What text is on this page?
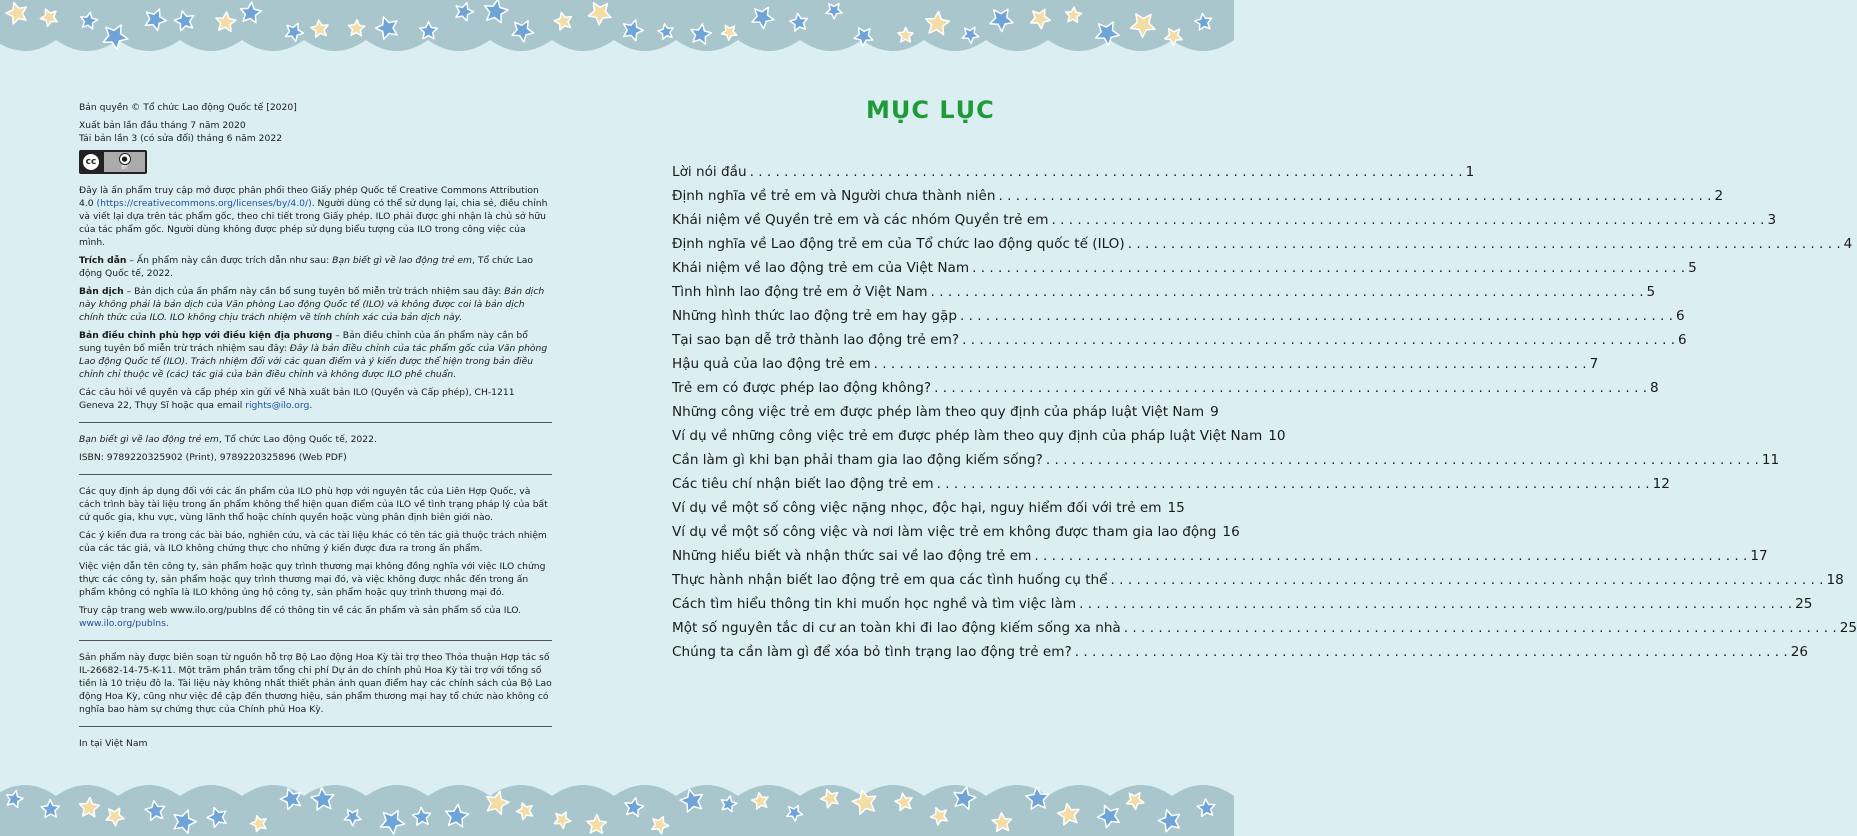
Bản quyền © Tổ chức Lao động Quốc tế [2020]

Xuất bản lần đầu tháng 7 năm 2020

Tái bản lần 3 (có sửa đổi) tháng 6 năm 2022

cc	●
BY

Đây là ấn phẩm truy cập mở được phân phối theo Giấy phép Quốc tế Creative Commons Attribution 4.0 (https://creativecommons.org/licenses/by/4.0/). Người dùng có thể sử dụng lại, chia sẻ, điều chỉnh và viết lại dựa trên tác phẩm gốc, theo chi tiết trong Giấy phép. ILO phải được ghi nhận là chủ sở hữu của tác phẩm gốc. Người dùng không được phép sử dụng biểu tượng của ILO trong công việc của mình.

Trích dẫn – Ấn phẩm này cần được trích dẫn như sau: Bạn biết gì về lao động trẻ em, Tổ chức Lao động Quốc tế, 2022.

Bản dịch – Bản dịch của ấn phẩm này cần bổ sung tuyên bố miễn trừ trách nhiệm sau đây: Bản dịch này không phải là bản dịch của Văn phòng Lao động Quốc tế (ILO) và không được coi là bản dịch chính thức của ILO. ILO không chịu trách nhiệm về tính chính xác của bản dịch này.

Bản điều chỉnh phù hợp với điều kiện địa phương – Bản điều chỉnh của ấn phẩm này cần bổ sung tuyên bố miễn trừ trách nhiệm sau đây: Đây là bản điều chỉnh của tác phẩm gốc của Văn phòng Lao động Quốc tế (ILO). Trách nhiệm đối với các quan điểm và ý kiến được thể hiện trong bản điều chỉnh chỉ thuộc về (các) tác giả của bản điều chỉnh và không được ILO phê chuẩn.

Các câu hỏi về quyền và cấp phép xin gửi về Nhà xuất bản ILO (Quyền và Cấp phép), CH-1211 Geneva 22, Thụy Sĩ hoặc qua email rights@ilo.org.

Bạn biết gì về lao động trẻ em, Tổ chức Lao động Quốc tế, 2022.

ISBN: 9789220325902 (Print), 9789220325896 (Web PDF)

Các quy định áp dụng đối với các ấn phẩm của ILO phù hợp với nguyên tắc của Liên Hợp Quốc, và cách trình bày tài liệu trong ấn phẩm không thể hiện quan điểm của ILO về tình trạng pháp lý của bất cứ quốc gia, khu vực, vùng lãnh thổ hoặc chính quyền hoặc vùng phân định biên giới nào.

Các ý kiến đưa ra trong các bài báo, nghiên cứu, và các tài liệu khác có tên tác giả thuộc trách nhiệm của các tác giả, và ILO không chứng thực cho những ý kiến được đưa ra trong ấn phẩm.

Việc viện dẫn tên công ty, sản phẩm hoặc quy trình thương mại không đồng nghĩa với việc ILO chứng thực các công ty, sản phẩm hoặc quy trình thương mại đó, và việc không được nhắc đến trong ấn phẩm không có nghĩa là ILO không ủng hộ công ty, sản phẩm hoặc quy trình thương mại đó.

Truy cập trang web www.ilo.org/publns để có thông tin về các ấn phẩm và sản phẩm số của ILO.
www.ilo.org/publns.

Sản phẩm này được biên soạn từ nguồn hỗ trợ Bộ Lao động Hoa Kỳ tài trợ theo Thỏa thuận Hợp tác số IL-26682-14-75-K-11. Một trăm phần trăm tổng chi phí Dự án do chính phủ Hoa Kỳ tài trợ với tổng số tiền là 10 triệu đô la. Tài liệu này không nhất thiết phản ánh quan điểm hay các chính sách của Bộ Lao động Hoa Kỳ, cũng như việc đề cập đến thương hiệu, sản phẩm thương mại hay tổ chức nào không có nghĩa bao hàm sự chứng thực của Chính phủ Hoa Kỳ.

In tại Việt Nam

MỤC LỤC
Lời nói đầu . . .	1
Định nghĩa về trẻ em và Người chưa thành niên . . .	2
Khái niệm về Quyền trẻ em và các nhóm Quyền trẻ em . . .	3
Định nghĩa về Lao động trẻ em của Tổ chức lao động quốc tế (ILO) . . .	4
Khái niệm về lao động trẻ em của Việt Nam . . .	5
Tình hình lao động trẻ em ở Việt Nam . . .	5
Những hình thức lao động trẻ em hay gặp . . .	6
Tại sao bạn dễ trở thành lao động trẻ em? . . .	6
Hậu quả của lao động trẻ em . . .	7
Trẻ em có được phép lao động không? . . .	8
Những công việc trẻ em được phép làm theo quy định của pháp luật Việt Nam 9
Ví dụ về những công việc trẻ em được phép làm theo quy định của pháp luật Việt Nam 10
Cần làm gì khi bạn phải tham gia lao động kiếm sống? . . .	11
Các tiêu chí nhận biết lao động trẻ em . . .	12
Ví dụ về một số công việc nặng nhọc, độc hại, nguy hiểm đối với trẻ em 15
Ví dụ về một số công việc và nơi làm việc trẻ em không được tham gia lao động 16
Những hiểu biết và nhận thức sai về lao động trẻ em . . .	17
Thực hành nhận biết lao động trẻ em qua các tình huống cụ thể . . .	18
Cách tìm hiểu thông tin khi muốn học nghề và tìm việc làm . . .	25
Một số nguyên tắc di cư an toàn khi đi lao động kiếm sống xa nhà . . .	25
Chúng ta cần làm gì để xóa bỏ tình trạng lao động trẻ em? . . .	26
